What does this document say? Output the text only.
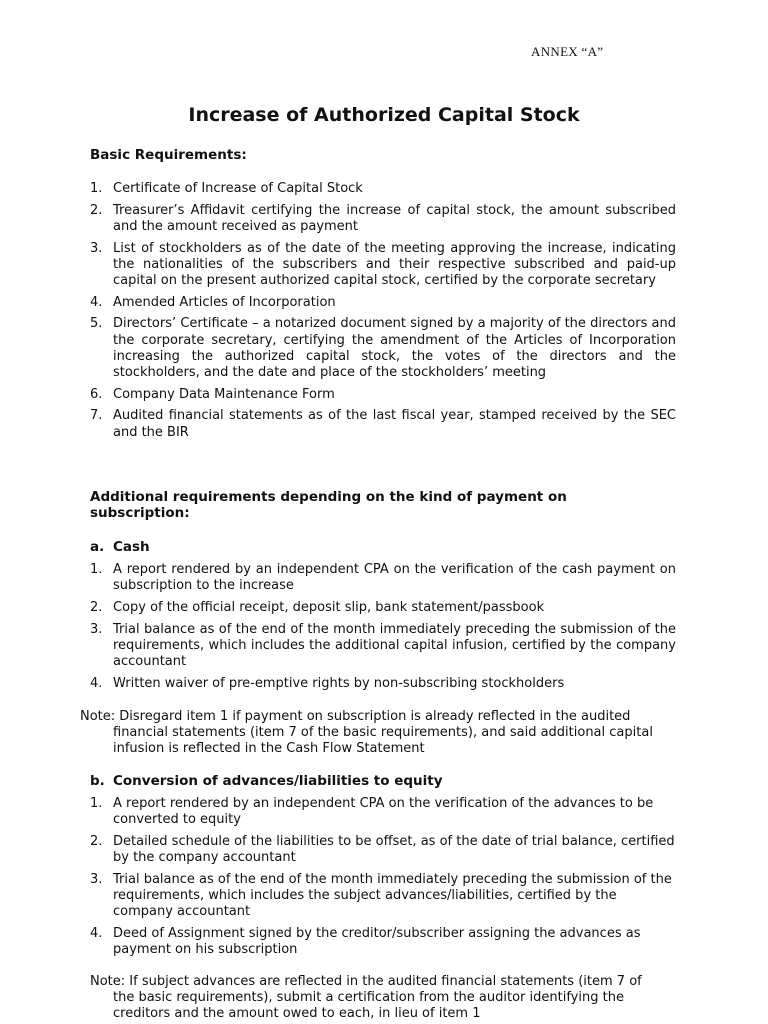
ANNEX “A”
Increase of Authorized Capital Stock
Basic Requirements:
1. Certificate of Increase of Capital Stock
2. Treasurer’s Affidavit certifying the increase of capital stock, the amount subscribed and the amount received as payment
3. List of stockholders as of the date of the meeting approving the increase, indicating the nationalities of the subscribers and their respective subscribed and paid-up capital on the present authorized capital stock, certified by the corporate secretary
4. Amended Articles of Incorporation
5. Directors’ Certificate – a notarized document signed by a majority of the directors and the corporate secretary, certifying the amendment of the Articles of Incorporation increasing the authorized capital stock, the votes of the directors and the stockholders, and the date and place of the stockholders’ meeting
6. Company Data Maintenance Form
7. Audited financial statements as of the last fiscal year, stamped received by the SEC and the BIR
Additional requirements depending on the kind of payment on subscription:
a. Cash
1. A report rendered by an independent CPA on the verification of the cash payment on subscription to the increase
2. Copy of the official receipt, deposit slip, bank statement/passbook
3. Trial balance as of the end of the month immediately preceding the submission of the requirements, which includes the additional capital infusion, certified by the company accountant
4. Written waiver of pre-emptive rights by non-subscribing stockholders
Note: Disregard item 1 if payment on subscription is already reflected in the audited
financial statements (item 7 of the basic requirements), and said additional capital infusion is reflected in the Cash Flow Statement
b. Conversion of advances/liabilities to equity
1. A report rendered by an independent CPA on the verification of the advances to be converted to equity
2. Detailed schedule of the liabilities to be offset, as of the date of trial balance, certified by the company accountant
3. Trial balance as of the end of the month immediately preceding the submission of the requirements, which includes the subject advances/liabilities, certified by the company accountant
4. Deed of Assignment signed by the creditor/subscriber assigning the advances as payment on his subscription
Note: If subject advances are reflected in the audited financial statements (item 7 of
the basic requirements), submit a certification from the auditor identifying the creditors and the amount owed to each, in lieu of item 1
